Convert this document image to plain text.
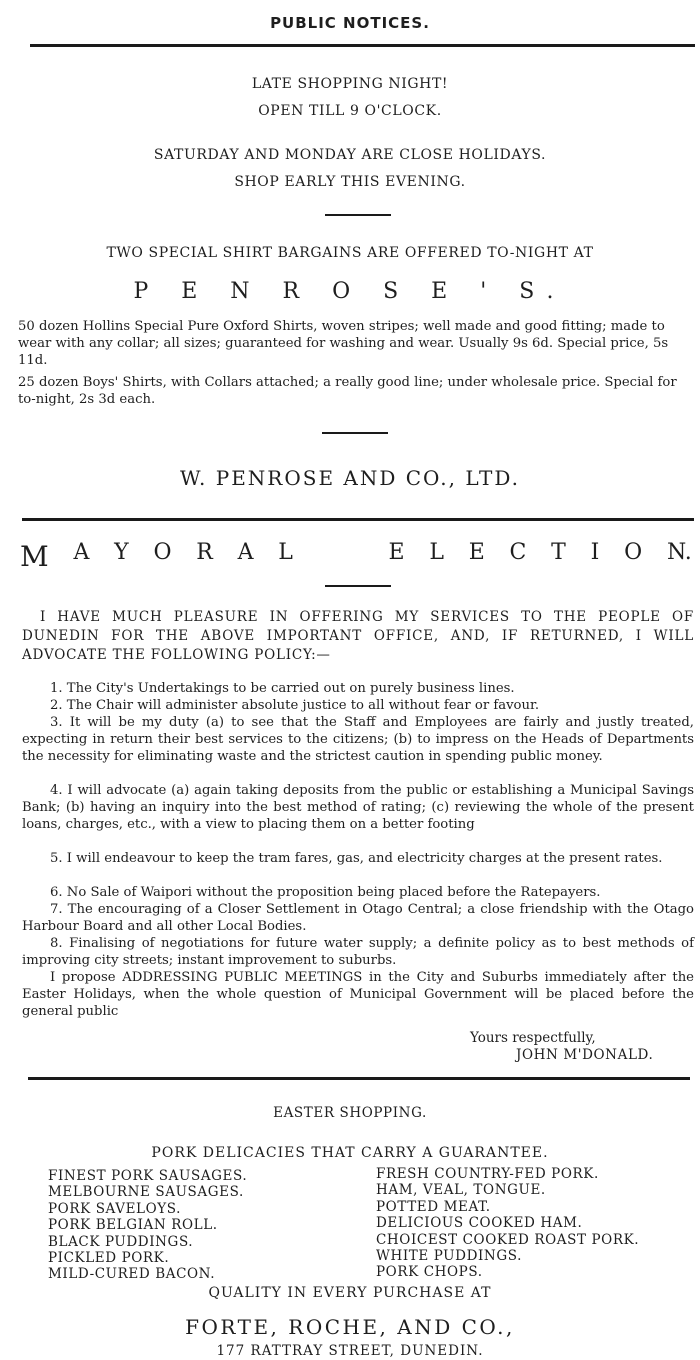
PUBLIC NOTICES.
LATE SHOPPING NIGHT!
OPEN TILL 9 O'CLOCK.
SATURDAY AND MONDAY ARE CLOSE HOLIDAYS.
SHOP EARLY THIS EVENING.
TWO SPECIAL SHIRT BARGAINS ARE OFFERED TO-NIGHT AT
P E N R O S E ' S.
50 dozen Hollins Special Pure Oxford Shirts, woven stripes; well made and good fitting; made to wear with any collar; all sizes; guaranteed for washing and wear. Usually 9s 6d. Special price, 5s 11d.
25 dozen Boys' Shirts, with Collars attached; a really good line; under wholesale price. Special for to-night, 2s 3d each.
W. PENROSE AND CO., LTD.
M A Y O R A L	E L E C T I O N.
I HAVE MUCH PLEASURE IN OFFERING MY SERVICES TO THE PEOPLE OF DUNEDIN FOR THE ABOVE IMPORTANT OFFICE, AND, IF RETURNED, I WILL ADVOCATE THE FOLLOWING POLICY:—
1. The City's Undertakings to be carried out on purely business lines.
2. The Chair will administer absolute justice to all without fear or favour.
3. It will be my duty (a) to see that the Staff and Employees are fairly and justly treated, expecting in return their best services to the citizens; (b) to impress on the Heads of Departments the necessity for eliminating waste and the strictest caution in spending public money.
4. I will advocate (a) again taking deposits from the public or establishing a Municipal Savings Bank; (b) having an inquiry into the best method of rating; (c) reviewing the whole of the present loans, charges, etc., with a view to placing them on a better footing
5. I will endeavour to keep the tram fares, gas, and electricity charges at the present rates.
6. No Sale of Waipori without the proposition being placed before the Ratepayers.
7. The encouraging of a Closer Settlement in Otago Central; a close friendship with the Otago Harbour Board and all other Local Bodies.
8. Finalising of negotiations for future water supply; a definite policy as to best methods of improving city streets; instant improvement to suburbs.
I propose ADDRESSING PUBLIC MEETINGS in the City and Suburbs immediately after the Easter Holidays, when the whole question of Municipal Government will be placed before the general public
Yours respectfully,
JOHN M'DONALD.
EASTER SHOPPING.
PORK DELICACIES THAT CARRY A GUARANTEE.
FINEST PORK SAUSAGES.
MELBOURNE SAUSAGES.
PORK SAVELOYS.
PORK BELGIAN ROLL.
BLACK PUDDINGS.
PICKLED PORK.
MILD-CURED BACON.
FRESH COUNTRY-FED PORK.
HAM, VEAL, TONGUE.
POTTED MEAT.
DELICIOUS COOKED HAM.
CHOICEST COOKED ROAST PORK.
WHITE PUDDINGS.
PORK CHOPS.
QUALITY IN EVERY PURCHASE AT
FORTE, ROCHE, AND CO.,
177 RATTRAY STREET, DUNEDIN.
